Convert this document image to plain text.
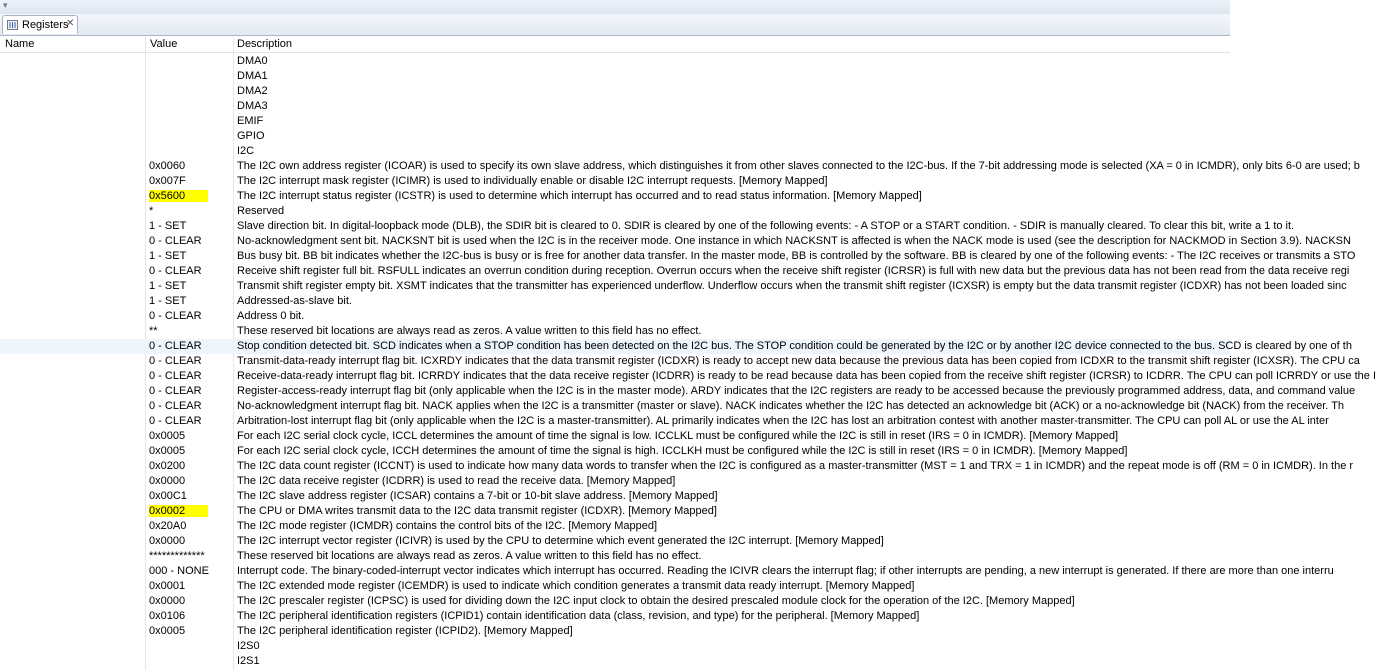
▾
Registers
✕
Name	Value	Description
DMA0
DMA1
DMA2
DMA3
EMIF
GPIO
I2C
0x0060	The I2C own address register (ICOAR) is used to specify its own slave address, which distinguishes it from other slaves connected to the I2C-bus. If the 7-bit addressing mode is selected (XA = 0 in ICMDR), only bits 6-0 are used; b
0x007F	The I2C interrupt mask register (ICIMR) is used to individually enable or disable I2C interrupt requests. [Memory Mapped]
0x5600	The I2C interrupt status register (ICSTR) is used to determine which interrupt has occurred and to read status information. [Memory Mapped]
*	Reserved
1 - SET	Slave direction bit. In digital-loopback mode (DLB), the SDIR bit is cleared to 0. SDIR is cleared by one of the following events: - A STOP or a START condition. - SDIR is manually cleared. To clear this bit, write a 1 to it.
0 - CLEAR	No-acknowledgment sent bit. NACKSNT bit is used when the I2C is in the receiver mode. One instance in which NACKSNT is affected is when the NACK mode is used (see the description for NACKMOD in Section 3.9). NACKSN
1 - SET	Bus busy bit. BB bit indicates whether the I2C-bus is busy or is free for another data transfer. In the master mode, BB is controlled by the software. BB is cleared by one of the following events: - The I2C receives or transmits a STO
0 - CLEAR	Receive shift register full bit. RSFULL indicates an overrun condition during reception. Overrun occurs when the receive shift register (ICRSR) is full with new data but the previous data has not been read from the data receive regi
1 - SET	Transmit shift register empty bit. XSMT indicates that the transmitter has experienced underflow. Underflow occurs when the transmit shift register (ICXSR) is empty but the data transmit register (ICDXR) has not been loaded sinc
1 - SET	Addressed-as-slave bit.
0 - CLEAR	Address 0 bit.
**	These reserved bit locations are always read as zeros. A value written to this field has no effect.
0 - CLEAR	Stop condition detected bit. SCD indicates when a STOP condition has been detected on the I2C bus. The STOP condition could be generated by the I2C or by another I2C device connected to the bus. SCD is cleared by one of th
0 - CLEAR	Transmit-data-ready interrupt flag bit. ICXRDY indicates that the data transmit register (ICDXR) is ready to accept new data because the previous data has been copied from ICDXR to the transmit shift register (ICXSR). The CPU ca
0 - CLEAR	Receive-data-ready interrupt flag bit. ICRRDY indicates that the data receive register (ICDRR) is ready to be read because data has been copied from the receive shift register (ICRSR) to ICDRR. The CPU can poll ICRRDY or use the I
0 - CLEAR	Register-access-ready interrupt flag bit (only applicable when the I2C is in the master mode). ARDY indicates that the I2C registers are ready to be accessed because the previously programmed address, data, and command value
0 - CLEAR	No-acknowledgment interrupt flag bit. NACK applies when the I2C is a transmitter (master or slave). NACK indicates whether the I2C has detected an acknowledge bit (ACK) or a no-acknowledge bit (NACK) from the receiver. Th
0 - CLEAR	Arbitration-lost interrupt flag bit (only applicable when the I2C is a master-transmitter). AL primarily indicates when the I2C has lost an arbitration contest with another master-transmitter. The CPU can poll AL or use the AL inter
0x0005	For each I2C serial clock cycle, ICCL determines the amount of time the signal is low. ICCLKL must be configured while the I2C is still in reset (IRS = 0 in ICMDR). [Memory Mapped]
0x0005	For each I2C serial clock cycle, ICCH determines the amount of time the signal is high. ICCLKH must be configured while the I2C is still in reset (IRS = 0 in ICMDR). [Memory Mapped]
0x0200	The I2C data count register (ICCNT) is used to indicate how many data words to transfer when the I2C is configured as a master-transmitter (MST = 1 and TRX = 1 in ICMDR) and the repeat mode is off (RM = 0 in ICMDR). In the r
0x0000	The I2C data receive register (ICDRR) is used to read the receive data. [Memory Mapped]
0x00C1	The I2C slave address register (ICSAR) contains a 7-bit or 10-bit slave address. [Memory Mapped]
0x0002	The CPU or DMA writes transmit data to the I2C data transmit register (ICDXR). [Memory Mapped]
0x20A0	The I2C mode register (ICMDR) contains the control bits of the I2C. [Memory Mapped]
0x0000	The I2C interrupt vector register (ICIVR) is used by the CPU to determine which event generated the I2C interrupt. [Memory Mapped]
*************	These reserved bit locations are always read as zeros. A value written to this field has no effect.
000 - NONE	Interrupt code. The binary-coded-interrupt vector indicates which interrupt has occurred. Reading the ICIVR clears the interrupt flag; if other interrupts are pending, a new interrupt is generated. If there are more than one interru
0x0001	The I2C extended mode register (ICEMDR) is used to indicate which condition generates a transmit data ready interrupt. [Memory Mapped]
0x0000	The I2C prescaler register (ICPSC) is used for dividing down the I2C input clock to obtain the desired prescaled module clock for the operation of the I2C. [Memory Mapped]
0x0106	The I2C peripheral identification registers (ICPID1) contain identification data (class, revision, and type) for the peripheral. [Memory Mapped]
0x0005	The I2C peripheral identification register (ICPID2). [Memory Mapped]
I2S0
I2S1
